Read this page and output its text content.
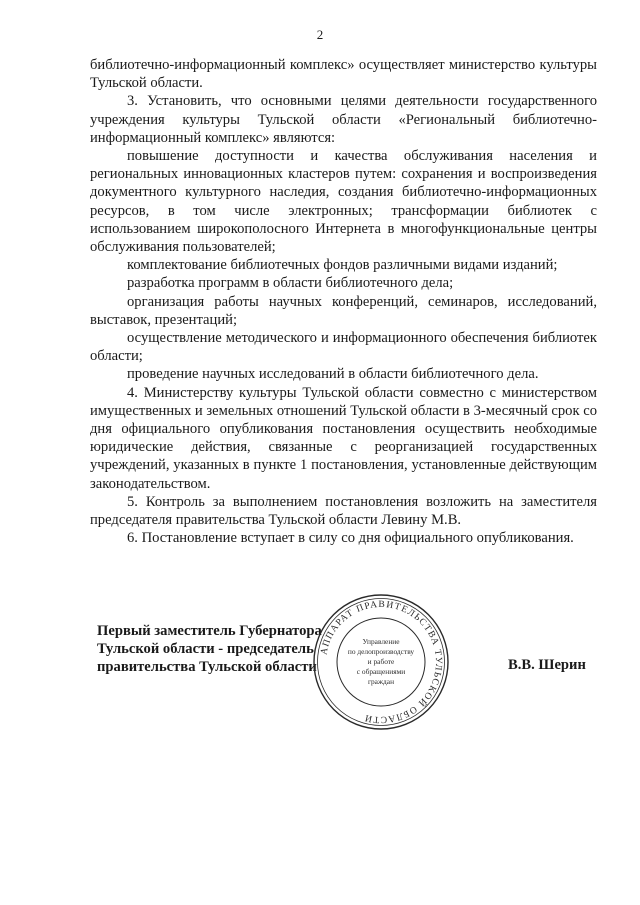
2

библиотечно-информационный комплекс» осуществляет министерство культуры Тульской области.

3. Установить, что основными целями деятельности государственного учреждения культуры Тульской области «Региональный библиотечно-информационный комплекс» являются:

повышение доступности и качества обслуживания населения и региональных инновационных кластеров путем: сохранения и воспроизведения документного культурного наследия, создания библиотечно-информационных ресурсов, в том числе электронных; трансформации библиотек с использованием широкополосного Интернета в многофункциональные центры обслуживания пользователей;

комплектование библиотечных фондов различными видами изданий;

разработка программ в области библиотечного дела;

организация работы научных конференций, семинаров, исследований, выставок, презентаций;

осуществление методического и информационного обеспечения библиотек области;

проведение научных исследований в области библиотечного дела.

4. Министерству культуры Тульской области совместно с министерством имущественных и земельных отношений Тульской области в 3-месячный срок со дня официального опубликования постановления осуществить необходимые юридические действия, связанные с реорганизацией государственных учреждений, указанных в пункте 1 постановления, установленные действующим законодательством.

5. Контроль за выполнением постановления возложить на заместителя председателя правительства Тульской области Левину М.В.

6. Постановление вступает в силу со дня официального опубликования.

Первый заместитель Губернатора
Тульской области - председатель
правительства Тульской области
АППАРАТ ПРАВИТЕЛЬСТВА ТУЛЬСКОЙ ОБЛАСТИ
Управление
по делопроизводству
и работе
с обращениями
граждан
В.В. Шерин
